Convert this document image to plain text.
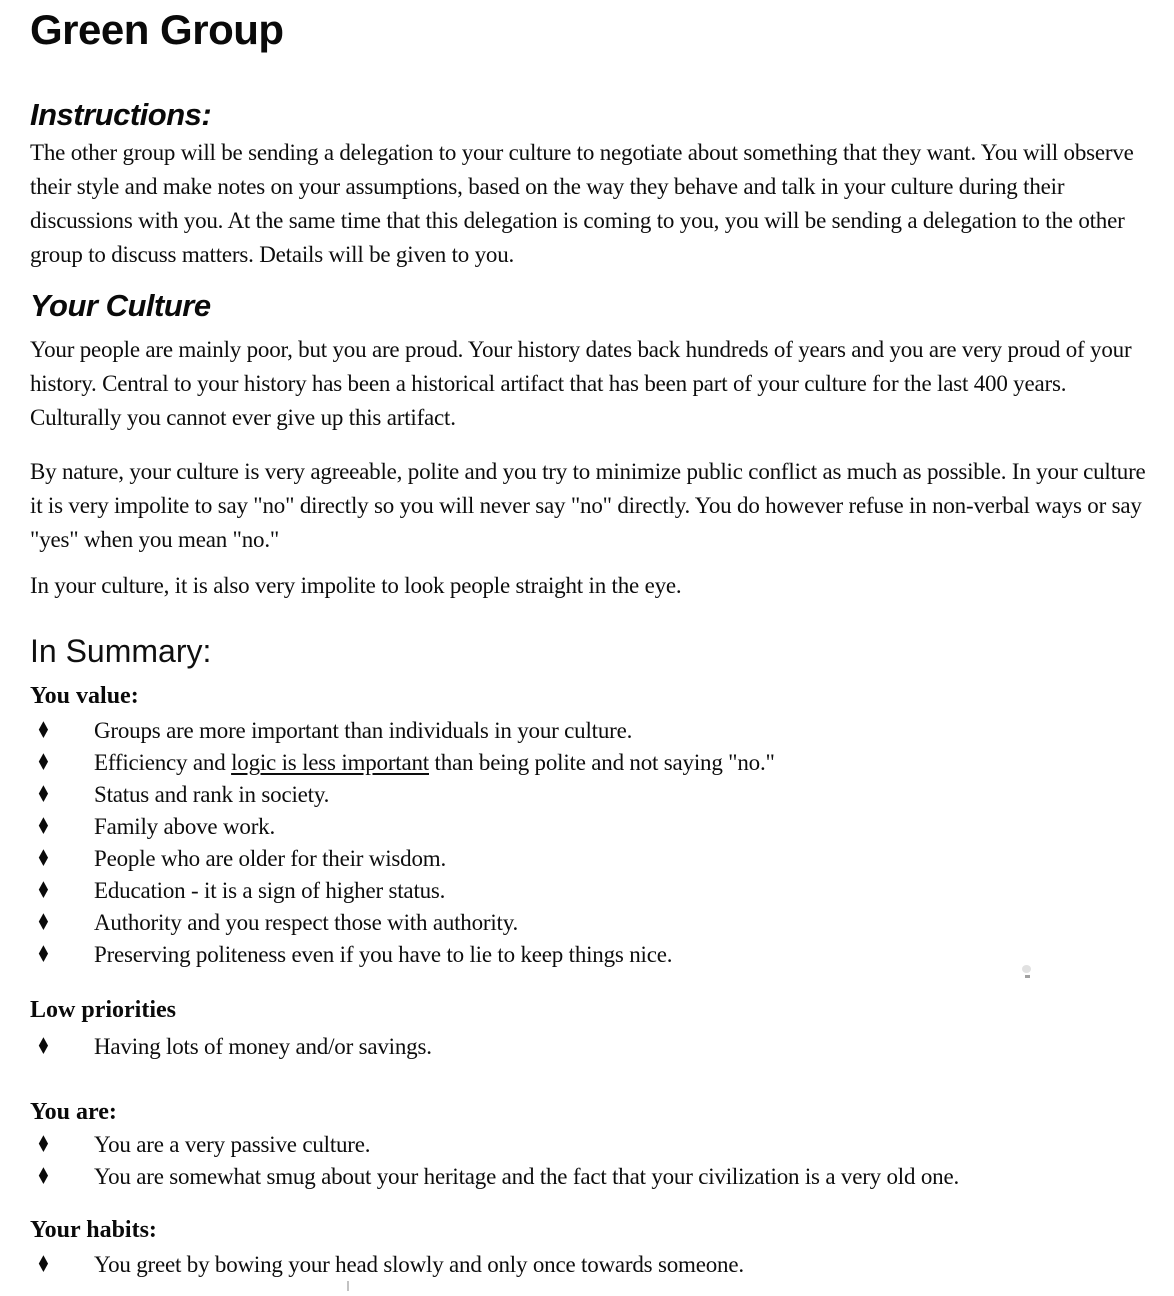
Green Group
Instructions:

The other group will be sending a delegation to your culture to negotiate about something that they want. You will observe their style and make notes on your assumptions, based on the way they behave and talk in your culture during their discussions with you. At the same time that this delegation is coming to you, you will be sending a delegation to the other group to discuss matters. Details will be given to you.

Your Culture

Your people are mainly poor, but you are proud. Your history dates back hundreds of years and you are very proud of your history. Central to your history has been a historical artifact that has been part of your culture for the last 400 years.  Culturally you cannot ever give up this artifact.

By nature, your culture is very agreeable, polite and you try to minimize public conflict as much as possible. In your culture it is very impolite to say "no" directly so you will never say "no" directly. You do however refuse in non-verbal ways or say "yes" when you mean "no."

In your culture, it is also very impolite to look people straight in the eye.

In Summary:
You value:
♦ Groups are more important than individuals in your culture.
♦ Efficiency and logic is less important than being polite and not saying "no."
♦ Status and rank in society.
♦ Family above work.
♦ People who are older for their wisdom.
♦ Education - it is a sign of higher status.
♦ Authority and you respect those with authority.
♦ Preserving politeness even if you have to lie to keep things nice.
Low priorities
♦ Having lots of money and/or savings.
You are:
♦ You are a very passive culture.
♦ You are somewhat smug about your heritage and the fact that your civilization is a very old one.
Your habits:
♦ You greet by bowing your head slowly and only once towards someone.
